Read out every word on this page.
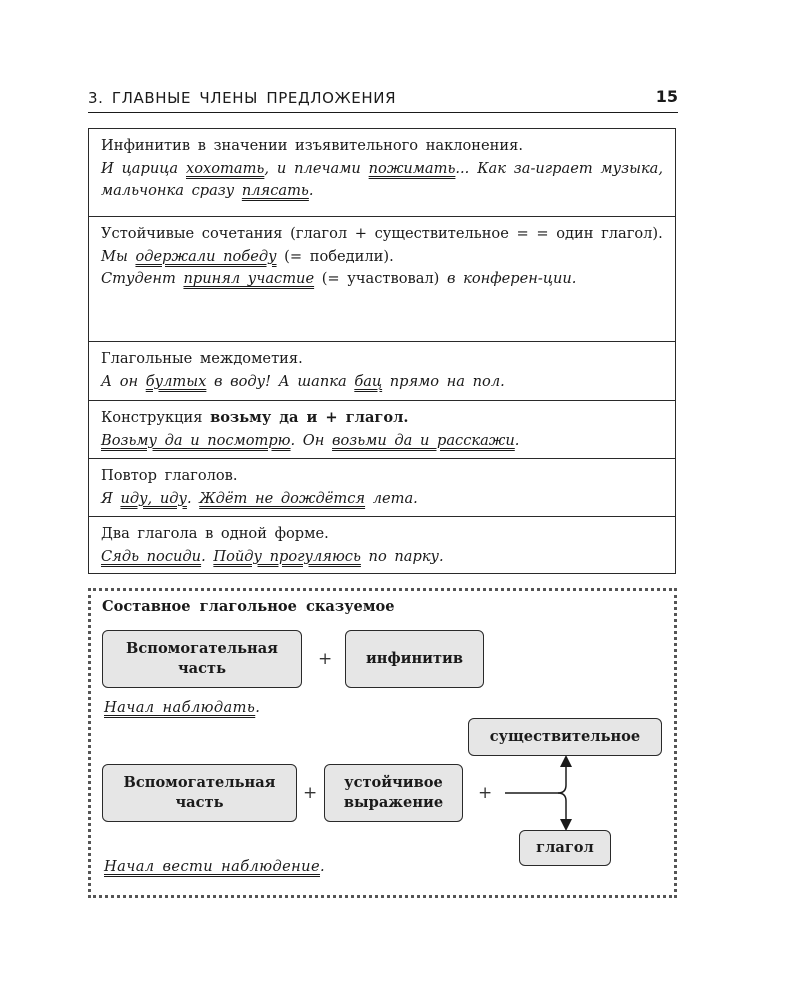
3. ГЛАВНЫЕ ЧЛЕНЫ ПРЕДЛОЖЕНИЯ	15

Инфинитив в значении изъявительного наклонения.

И царица хохотать, и плечами пожимать... Как за-играет музыка, мальчонка сразу плясать.

Устойчивые сочетания (глагол + существительное = = один глагол).

Мы одержали победу (= победили).

Студент принял участие (= участвовал) в конферен-ции.

Глагольные междометия.

А он бултых в воду! А шапка бац прямо на пол.

Конструкция возьму да и + глагол.

Возьму да и посмотрю. Он возьми да и расскажи.

Повтор глаголов.

Я иду, иду. Ждёт не дождётся лета.

Два глагола в одной форме.

Сядь посиди. Пойду прогуляюсь по парку.

Составное глагольное сказуемое
Вспомогательная часть	+	инфинитив
Начал наблюдать.
существительное
Вспомогательная часть	+
устойчивое выражение	+
глагол
Начал вести наблюдение.
